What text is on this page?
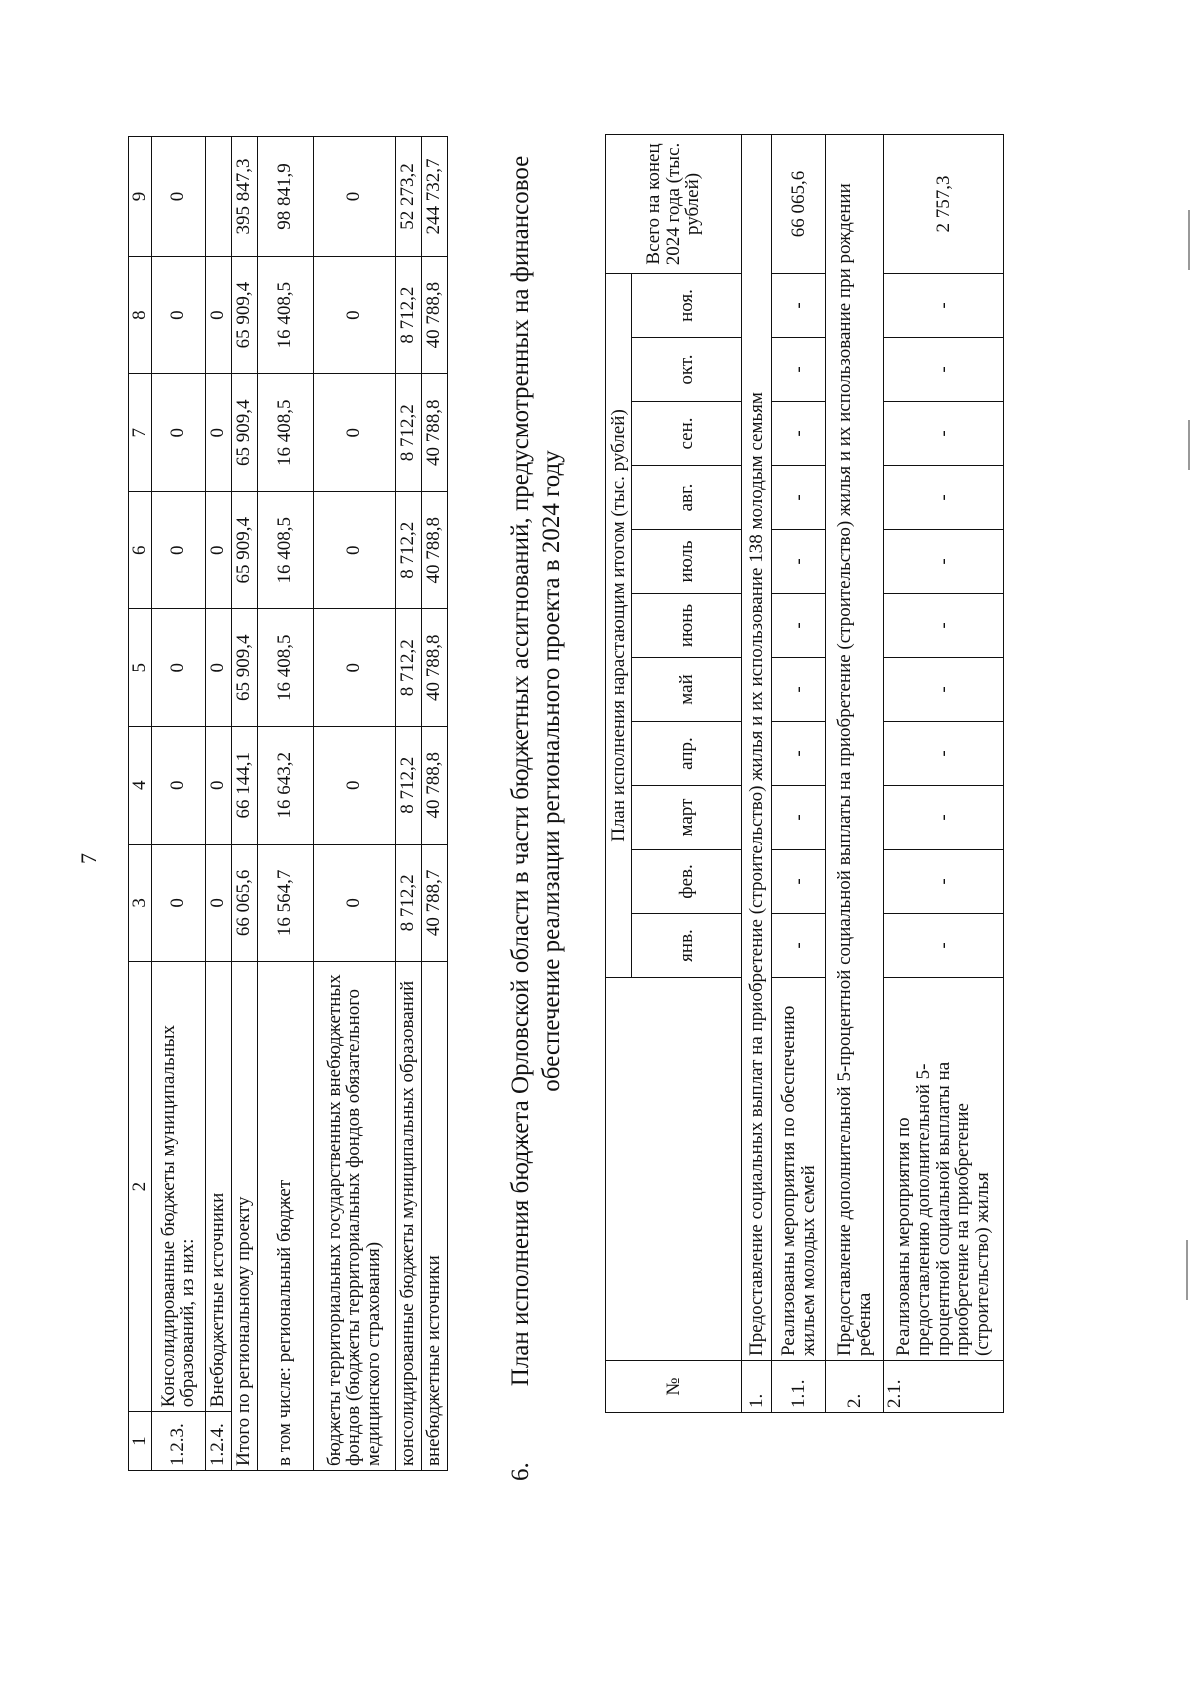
7
1	2	3	4	5	6	7	8	9
1.2.3.	Консолидированные бюджеты муниципальных образований, из них:	0	0	0	0	0	0	0
1.2.4.	Внебюджетные источники	0	0	0	0	0	0	
Итого по региональному проекту		66 065,6	66 144,1	65 909,4	65 909,4	65 909,4	65 909,4	395 847,3
в том числе: региональный бюджет		16 564,7	16 643,2	16 408,5	16 408,5	16 408,5	16 408,5	98 841,9
бюджеты территориальных государственных внебюджетных фондов (бюджеты территориальных фондов обязательного медицинского страхования)		0	0	0	0	0	0	0
консолидированные бюджеты муниципальных образований		8 712,2	8 712,2	8 712,2	8 712,2	8 712,2	8 712,2	52 273,2
внебюджетные источники		40 788,7	40 788,8	40 788,8	40 788,8	40 788,8	40 788,8	244 732,7
6.
План исполнения бюджета Орловской области в части бюджетных ассигнований, предусмотренных на финансовое обеспечение реализации регионального проекта в 2024 году
№		План исполнения нарастающим итогом (тыс. рублей)											Всего на конец 2024 года (тыс. рублей)
		янв.	фев.	март	апр.	май	июнь	июль	авг.	сен.	окт.	ноя.	
1.	Предоставление социальных выплат на приобретение (строительство) жилья и их использование 138 молодым семьям												
1.1.	Реализованы мероприятия по обеспечению жильем молодых семей	-	-	-	-	-	-	-	-	-	-	-	66 065,6
2.	Предоставление дополнительной 5-процентной социальной выплаты на приобретение (строительство) жилья и их использование при рождении ребенка												
2.1.	Реализованы мероприятия по предоставлению дополнительной 5-процентной социальной выплаты на приобретение на приобретение (строительство) жилья	-	-	-	-	-	-	-	-	-	-	-	2 757,3
